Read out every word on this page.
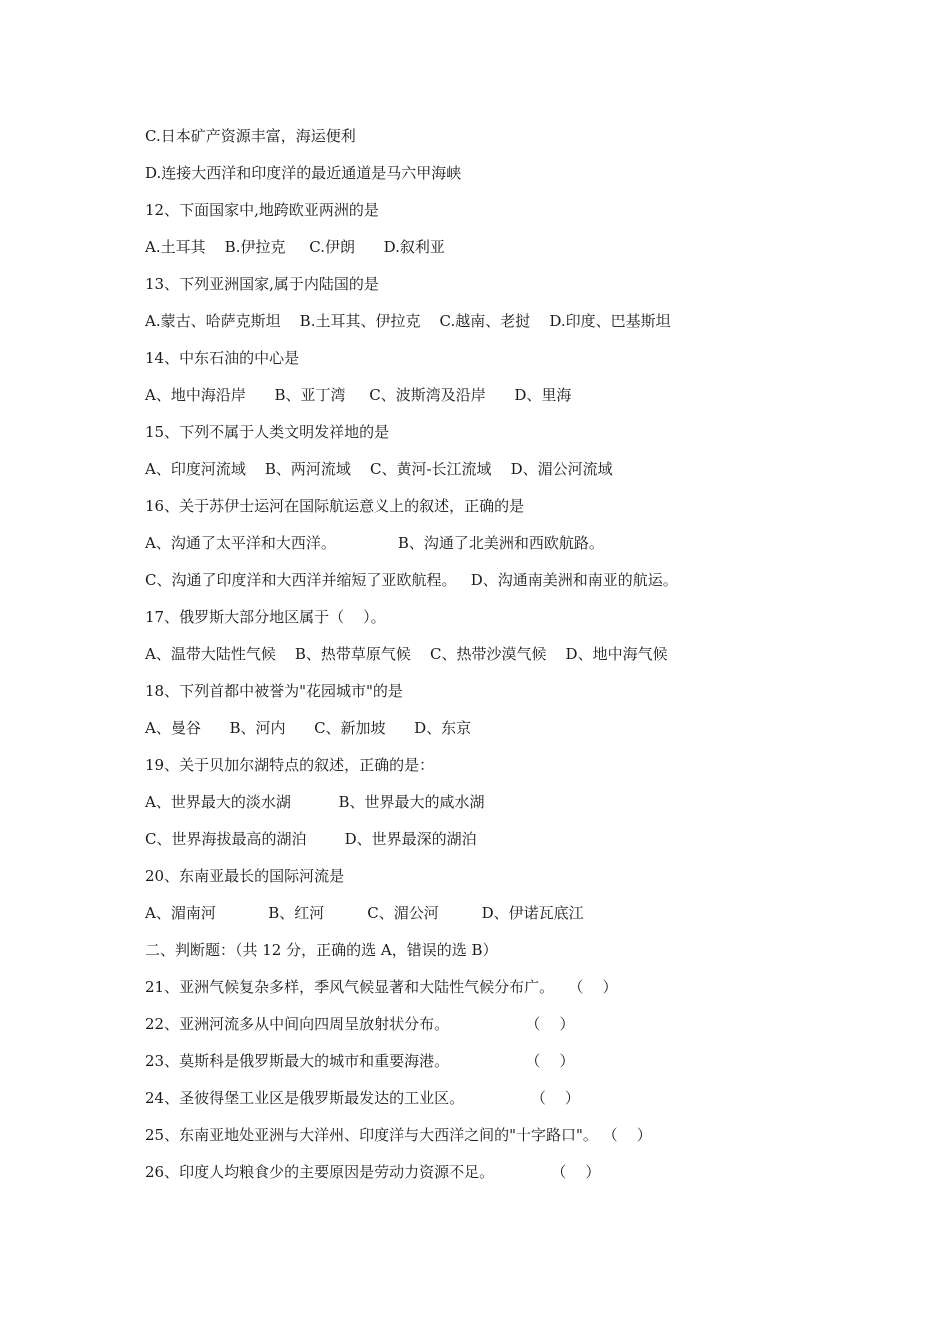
C.日本矿产资源丰富，海运便利
D.连接大西洋和印度洋的最近通道是马六甲海峡
12、下面国家中,地跨欧亚两洲的是
A.土耳其    B.伊拉克     C.伊朗      D.叙利亚
13、下列亚洲国家,属于内陆国的是
A.蒙古、哈萨克斯坦    B.土耳其、伊拉克    C.越南、老挝    D.印度、巴基斯坦
14、中东石油的中心是
A、地中海沿岸      B、亚丁湾     C、波斯湾及沿岸      D、里海
15、下列不属于人类文明发祥地的是
A、印度河流域    B、两河流域    C、黄河-长江流域    D、湄公河流域
16、关于苏伊士运河在国际航运意义上的叙述，正确的是
A、沟通了太平洋和大西洋。             B、沟通了北美洲和西欧航路。
C、沟通了印度洋和大西洋并缩短了亚欧航程。   D、沟通南美洲和南亚的航运。
17、俄罗斯大部分地区属于（    ）。
A、温带大陆性气候    B、热带草原气候    C、热带沙漠气候    D、地中海气候
18、下列首都中被誉为"花园城市"的是
A、曼谷      B、河内      C、新加坡      D、东京
19、关于贝加尔湖特点的叙述，正确的是：
A、世界最大的淡水湖          B、世界最大的咸水湖
C、世界海拔最高的湖泊        D、世界最深的湖泊
20、东南亚最长的国际河流是
A、湄南河           B、红河         C、湄公河         D、伊诺瓦底江
二、判断题：（共 12 分，正确的选 A，错误的选 B）
21、亚洲气候复杂多样，季风气候显著和大陆性气候分布广。   （    ）
22、亚洲河流多从中间向四周呈放射状分布。                （    ）
23、莫斯科是俄罗斯最大的城市和重要海港。                （    ）
24、圣彼得堡工业区是俄罗斯最发达的工业区。              （    ）
25、东南亚地处亚洲与大洋州、印度洋与大西洋之间的"十字路口"。 （    ）
26、印度人均粮食少的主要原因是劳动力资源不足。            （    ）
